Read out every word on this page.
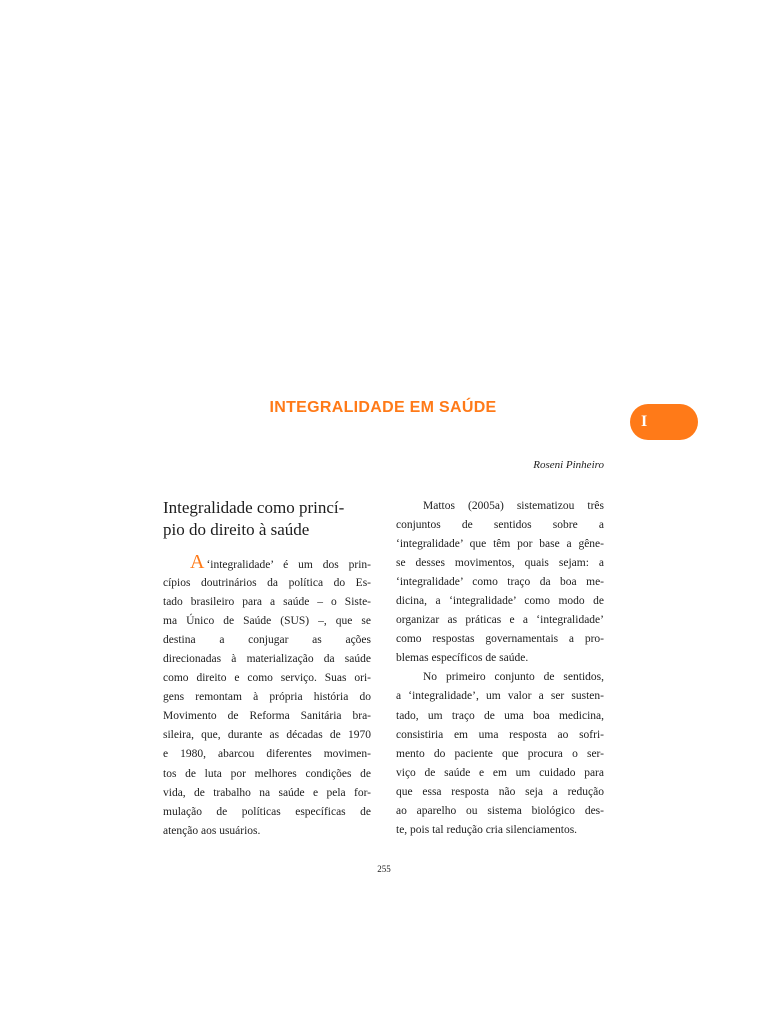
INTEGRALIDADE EM SAÚDE
I
Roseni Pinheiro
Integralidade como princí-
pio do direito à saúde
A ‘integralidade’ é um dos prin-
cípios doutrinários da política do Es-
tado brasileiro para a saúde – o Siste-
ma Único de Saúde (SUS) –, que se
destina a conjugar as ações
direcionadas à materialização da saúde
como direito e como serviço. Suas ori-
gens remontam à própria história do
Movimento de Reforma Sanitária bra-
sileira, que, durante as décadas de 1970
e 1980, abarcou diferentes movimen-
tos de luta por melhores condições de
vida, de trabalho na saúde e pela for-
mulação de políticas específicas de
atenção aos usuários.
Mattos (2005a) sistematizou três
conjuntos de sentidos sobre a
‘integralidade’ que têm por base a gêne-
se desses movimentos, quais sejam: a
‘integralidade’ como traço da boa me-
dicina, a ‘integralidade’ como modo de
organizar as práticas e a ‘integralidade’
como respostas governamentais a pro-
blemas específicos de saúde.
No primeiro conjunto de sentidos,
a ‘integralidade’, um valor a ser susten-
tado, um traço de uma boa medicina,
consistiria em uma resposta ao sofri-
mento do paciente que procura o ser-
viço de saúde e em um cuidado para
que essa resposta não seja a redução
ao aparelho ou sistema biológico des-
te, pois tal redução cria silenciamentos.
255
